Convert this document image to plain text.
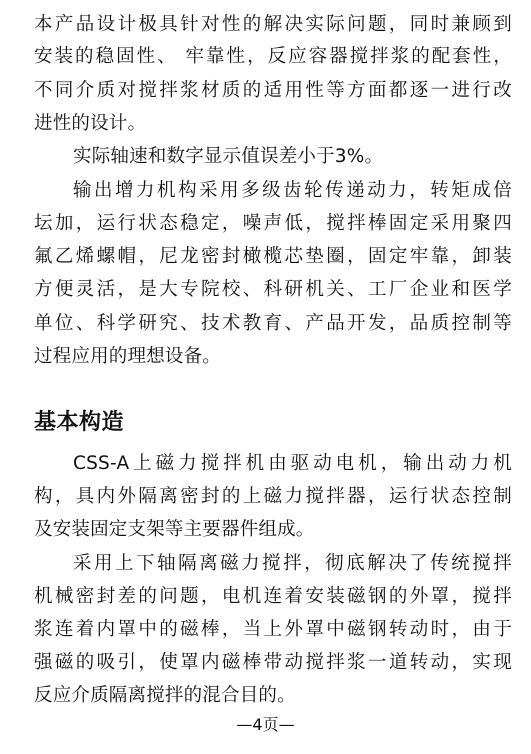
本产品设计极具针对性的解决实际问题，同时兼顾到
安装的稳固性、 牢靠性，反应容器搅拌浆的配套性，
不同介质对搅拌浆材质的适用性等方面都逐一进行改
进性的设计。
实际轴速和数字显示值误差小于3%。
输出增力机构采用多级齿轮传递动力，转矩成倍
坛加，运行状态稳定，噪声低，搅拌棒固定采用聚四
氟乙烯螺帽，尼龙密封橄榄芯垫圈，固定牢靠，卸装
方便灵活，是大专院校、科研机关、工厂企业和医学
单位、科学研究、技术教育、产品开发，品质控制等
过程应用的理想设备。
基本构造
CSS-A上磁力搅拌机由驱动电机，输出动力机
构，具内外隔离密封的上磁力搅拌器，运行状态控制
及安装固定支架等主要器件组成。
采用上下轴隔离磁力搅拌，彻底解决了传统搅拌
机械密封差的问题，电机连着安装磁钢的外罩，搅拌
浆连着内罩中的磁棒，当上外罩中磁钢转动时，由于
强磁的吸引，使罩内磁棒带动搅拌浆一道转动，实现
反应介质隔离搅拌的混合目的。
—4页—
